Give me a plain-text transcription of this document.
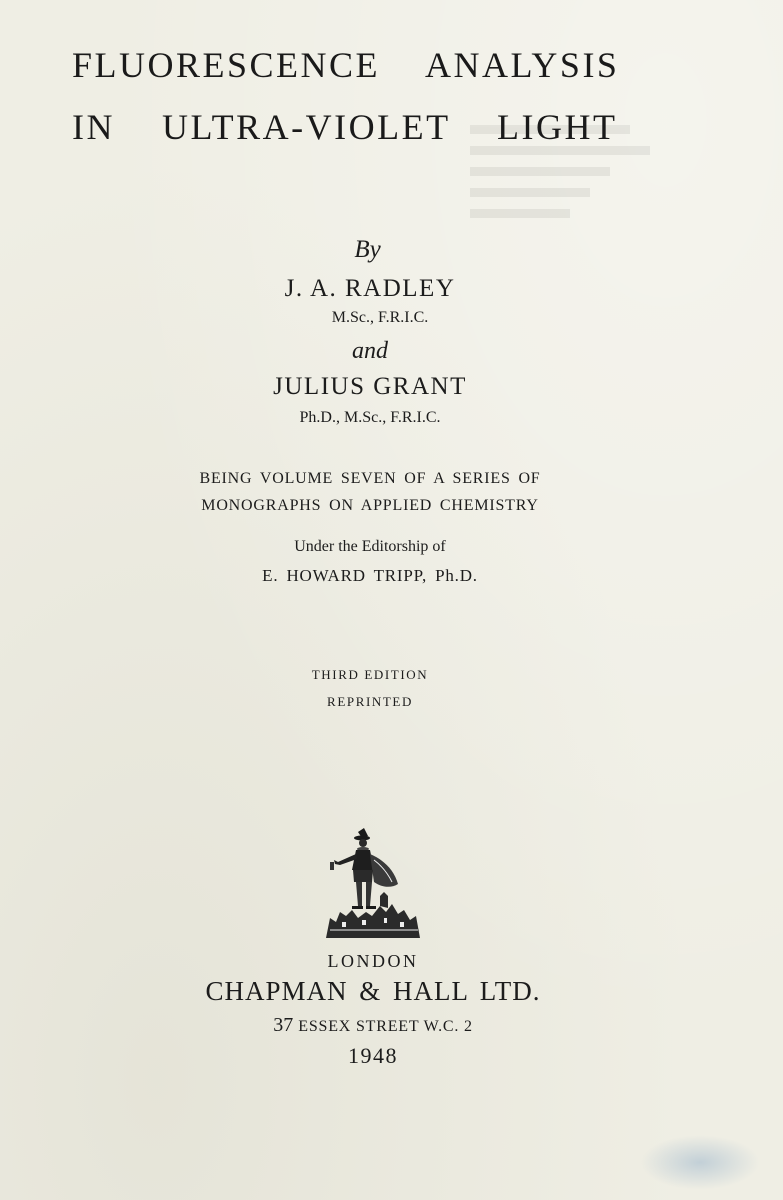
FLUORESCENCE  ANALYSIS
IN  ULTRA-VIOLET  LIGHT
By
J. A. RADLEY
M.Sc., F.R.I.C.
and
JULIUS GRANT
Ph.D., M.Sc., F.R.I.C.
BEING VOLUME SEVEN OF A SERIES OF
MONOGRAPHS ON APPLIED CHEMISTRY
Under the Editorship of
E. HOWARD TRIPP, Ph.D.
THIRD EDITION
REPRINTED
LONDON
CHAPMAN & HALL LTD.
37 ESSEX STREET W.C. 2
1948
